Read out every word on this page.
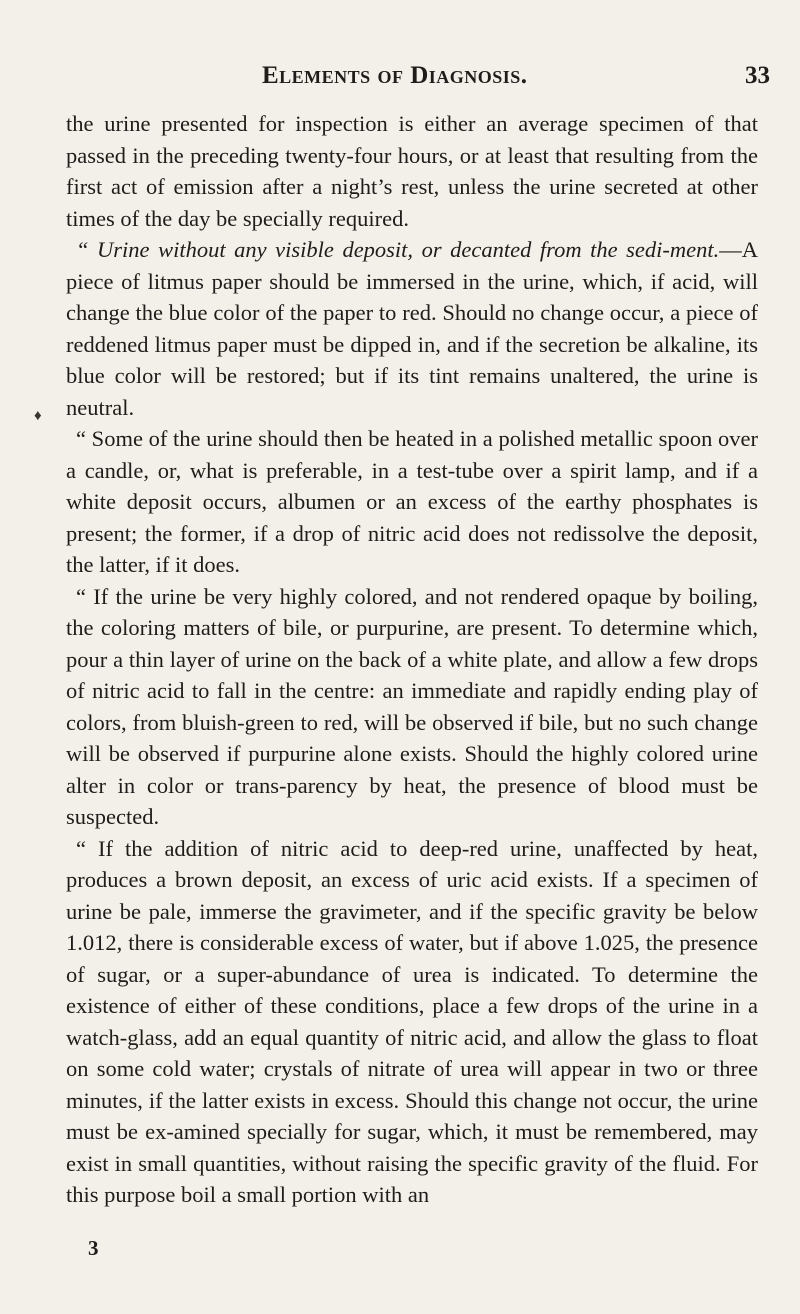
Elements of Diagnosis.	33
♦

the urine presented for inspection is either an average specimen of that passed in the preceding twenty-four hours, or at least that resulting from the first act of emission after a night’s rest, unless the urine secreted at other times of the day be specially required.

“ Urine without any visible deposit, or decanted from the sedi-ment.—A piece of litmus paper should be immersed in the urine, which, if acid, will change the blue color of the paper to red. Should no change occur, a piece of reddened litmus paper must be dipped in, and if the secretion be alkaline, its blue color will be restored; but if its tint remains unaltered, the urine is neutral.

“ Some of the urine should then be heated in a polished metallic spoon over a candle, or, what is preferable, in a test-tube over a spirit lamp, and if a white deposit occurs, albumen or an excess of the earthy phosphates is present; the former, if a drop of nitric acid does not redissolve the deposit, the latter, if it does.

“ If the urine be very highly colored, and not rendered opaque by boiling, the coloring matters of bile, or purpurine, are present. To determine which, pour a thin layer of urine on the back of a white plate, and allow a few drops of nitric acid to fall in the centre: an immediate and rapidly ending play of colors, from bluish-green to red, will be observed if bile, but no such change will be observed if purpurine alone exists. Should the highly colored urine alter in color or trans-parency by heat, the presence of blood must be suspected.

“ If the addition of nitric acid to deep-red urine, unaffected by heat, produces a brown deposit, an excess of uric acid exists. If a specimen of urine be pale, immerse the gravimeter, and if the specific gravity be below 1.012, there is considerable excess of water, but if above 1.025, the presence of sugar, or a super-abundance of urea is indicated. To determine the existence of either of these conditions, place a few drops of the urine in a watch-glass, add an equal quantity of nitric acid, and allow the glass to float on some cold water; crystals of nitrate of urea will appear in two or three minutes, if the latter exists in excess. Should this change not occur, the urine must be ex-amined specially for sugar, which, it must be remembered, may exist in small quantities, without raising the specific gravity of the fluid. For this purpose boil a small portion with an

3
